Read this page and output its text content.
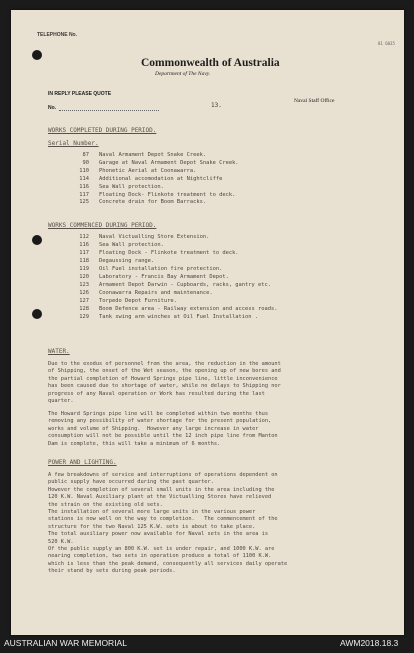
TELEPHONE No.
81 6035
Commonwealth of Australia
Department of The Navy.
IN REPLY PLEASE QUOTE
No.	13.
Naval Staff Office
WORKS COMPLETED DURING PERIOD.
Serial Number.
87 Naval Armament Depot Snake Creek.
90 Garage at Naval Armament Depot Snake Creek.
110 Phonetic Aerial at Coonawarra.
114 Additional accomodation at Nightcliffe
116 Sea Wall protection.
117 Floating Dock- Flinkote treatment to deck.
125 Concrete drain for Boom Barracks.
WORKS COMMENCED DURING PERIOD.
112 Naval Victualling Store Extension.
116 Sea Wall protection.
117 Floating Dock - Flinkote treatment to deck.
118 Degaussing range.
119 Oil Fuel installation fire protection.
120 Laboratory - Francis Bay Armament Depot.
123 Armament Depot Darwin - Cupboards, racks, gantry etc.
126 Coonawarra Repairs and maintenance.
127 Torpedo Depot Furniture.
128 Boom Defence area - Railway extension and access roads.
129 Tank swing arm winches at Oil Fuel Installation .
WATER.
Due to the exodus of personnel from the area, the reduction in the amount
of Shipping, the onset of the Wet season, the opening up of new bores and
the partial completion of Howard Springs pipe line, little inconvenience
has been caused due to shortage of water, while no delays to Shipping nor
progress of any Naval operation or Work has resulted during the last
quarter.
The Howard Springs pipe line will be completed within two months thus
removing any possibility of water shortage for the present population,
works and volume of Shipping.  However any large increase in water
consumption will not be possible until the 12 inch pipe line from Manton
Dam is complete, this will take a minimum of 6 months.
POWER AND LIGHTING.
A few breakdowns of service and interruptions of operations dependent on
public supply have occurred during the past quarter.
However the completion of several small units in the area including the
120 K.W. Naval Auxiliary plant at the Victualling Stores have relieved
the strain on the existing old sets.
The installation of several more large units in the various power
stations is now well on the way to completion.   The commencement of the
structure for the two Naval 125 K.W. sets is about to take place.
The total auxiliary power now available for Naval sets in the area is
520 K.W.
Of the public supply an 800 K.W. set is under repair, and 1000 K.W. are
nearing completion, two sets in operation produce a total of 1100 K.W.
which is less than the peak demand, consequently all services daily operate
their stand by sets during peak periods.
AUSTRALIAN WAR MEMORIAL	AWM2018.18.3
